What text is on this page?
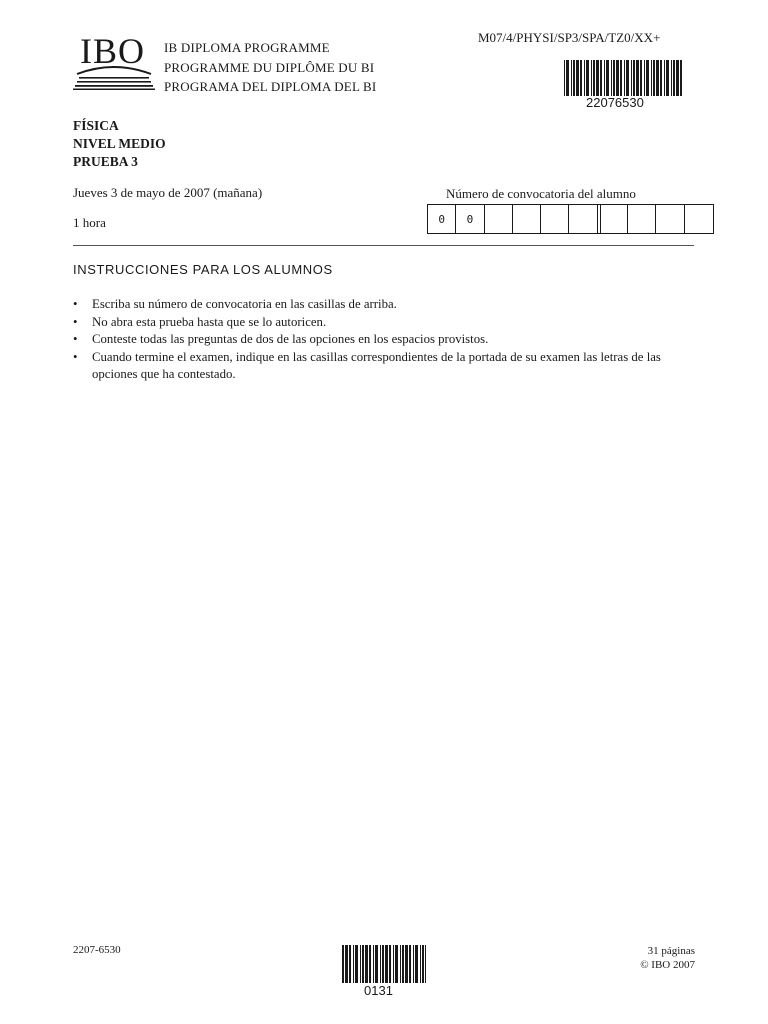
IBO IB DIPLOMA PROGRAMME
PROGRAMME DU DIPLÔME DU BI
PROGRAMA DEL DIPLOMA DEL BI
M07/4/PHYSI/SP3/SPA/TZ0/XX+
22076530
FÍSICA
NIVEL MEDIO
PRUEBA 3
Jueves 3 de mayo de 2007 (mañana)
1 hora
Número de convocatoria del alumno
0	0
INSTRUCCIONES PARA LOS ALUMNOS
• Escriba su número de convocatoria en las casillas de arriba.
• No abra esta prueba hasta que se lo autoricen.
• Conteste todas las preguntas de dos de las opciones en los espacios provistos.
• Cuando termine el examen, indique en las casillas correspondientes de la portada de su examen las letras de las opciones que ha contestado.
2207-6530
0131
31 páginas
© IBO 2007
